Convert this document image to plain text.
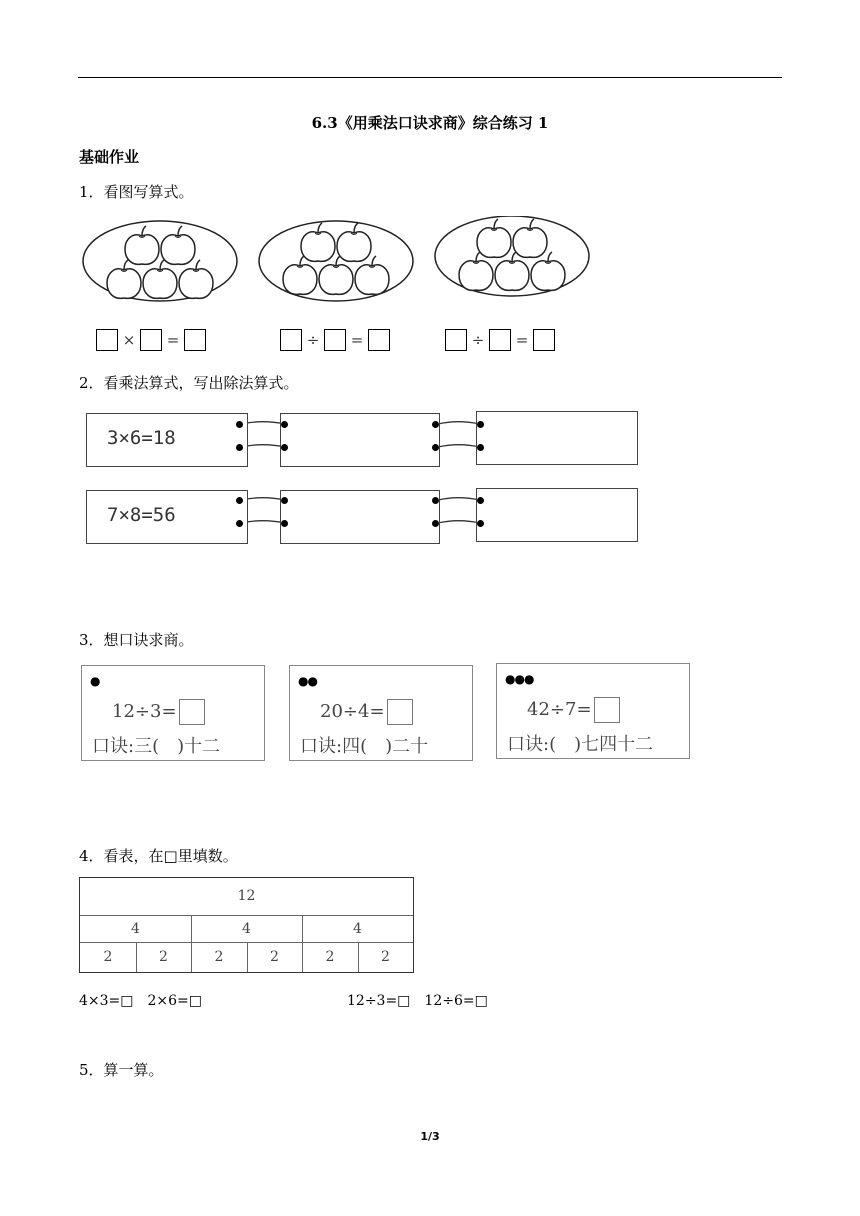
6.3《用乘法口诀求商》综合练习 1
基础作业
1．看图写算式。
× =	÷ =	÷ =
2．看乘法算式，写出除法算式。
3×6=18
7×8=56
3．想口诀求商。
●
12÷3=
口诀:三(　)十二
●●
20÷4=
口诀:四(　)二十
●●●
42÷7=
口诀:(　)七四十二
4．看表，在□里填数。
12
4	4	4
2	2	2	2	2	2
4×3=□　2×6=□	12÷3=□　12÷6=□
5．算一算。
1/3
